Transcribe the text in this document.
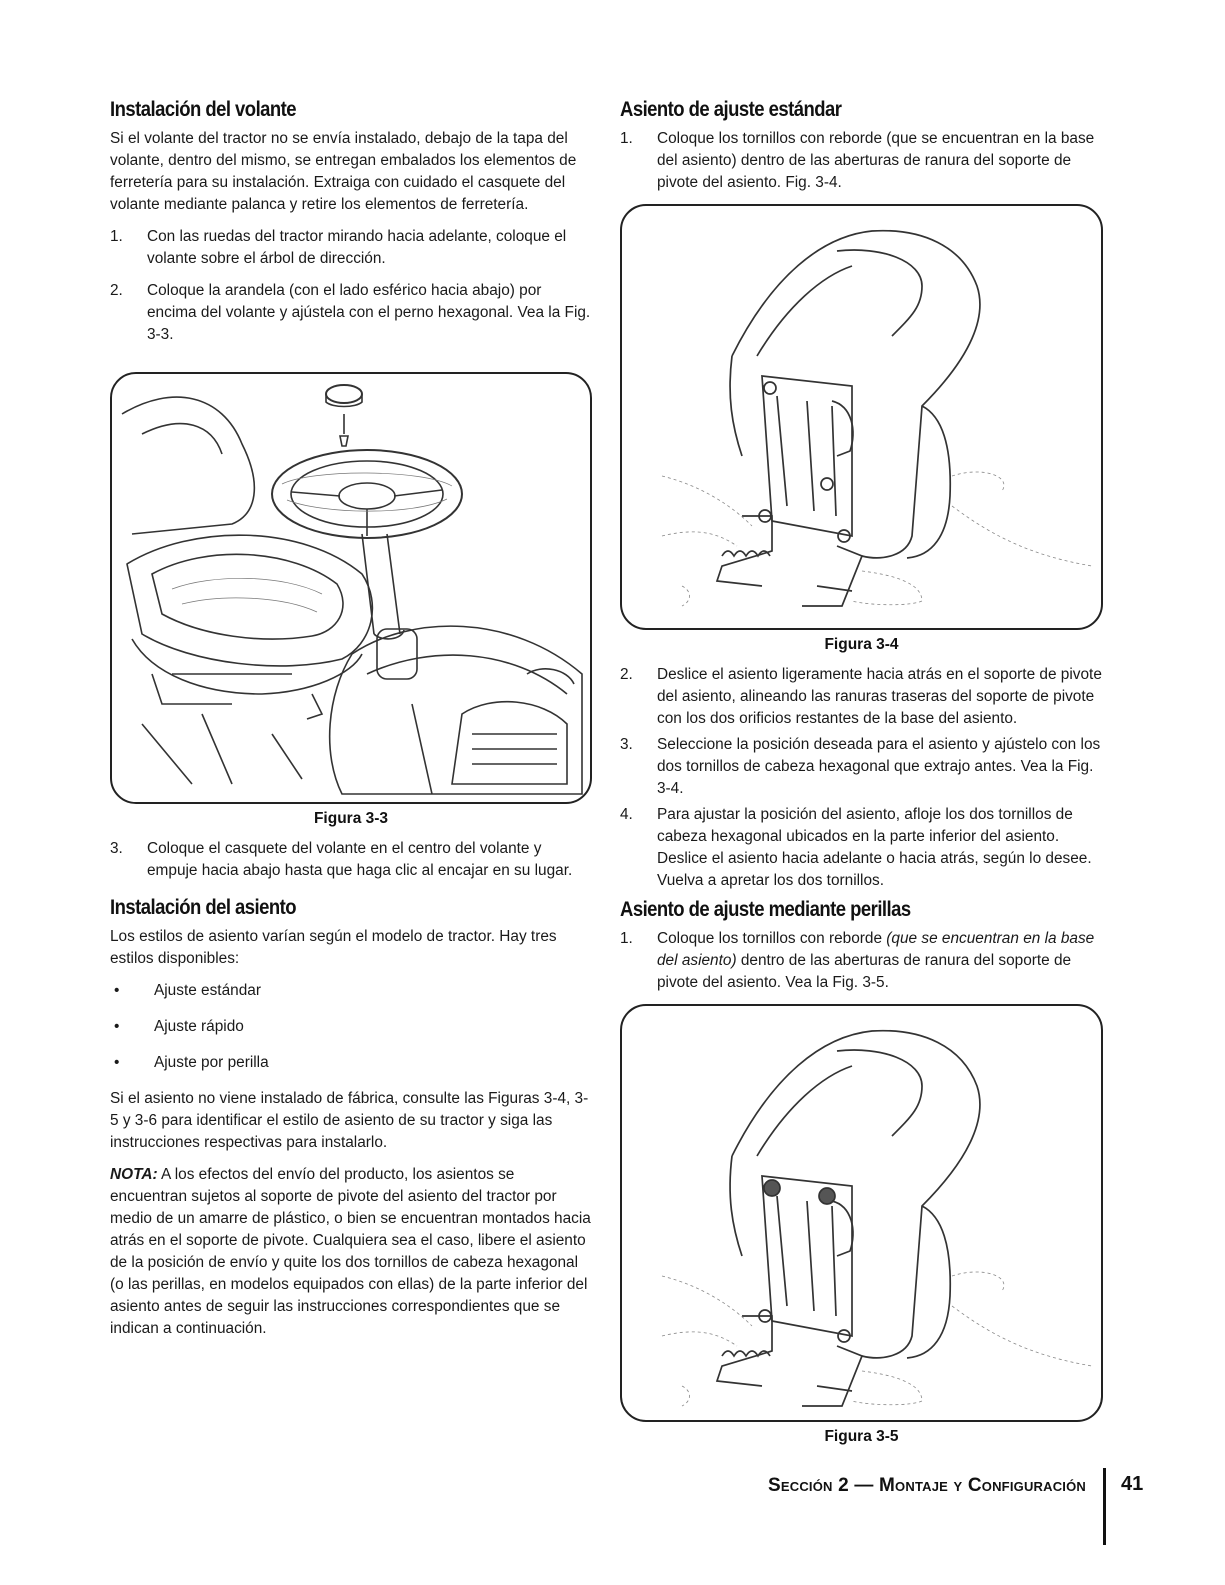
Instalación del volante

Si el volante del tractor no se envía instalado, debajo de la tapa del volante, dentro del mismo, se entregan embalados los elementos de ferretería para su instalación. Extraiga con cuidado el casquete del volante mediante palanca y retire los elementos de ferretería.

1. Con las ruedas del tractor mirando hacia adelante, coloque el volante sobre el árbol de dirección.
2. Coloque la arandela (con el lado esférico hacia abajo) por encima del volante y ajústela con el perno hexagonal. Vea la Fig. 3-3.
Figura 3-3
3. Coloque el casquete del volante en el centro del volante y empuje hacia abajo hasta que haga clic al encajar en su lugar.
Instalación del asiento

Los estilos de asiento varían según el modelo de tractor. Hay tres estilos disponibles:

• Ajuste estándar
• Ajuste rápido
• Ajuste por perilla

Si el asiento no viene instalado de fábrica, consulte las Figuras 3-4, 3-5 y 3-6 para identificar el estilo de asiento de su tractor y siga las instrucciones respectivas para instalarlo.

NOTA: A los efectos del envío del producto, los asientos se encuentran sujetos al soporte de pivote del asiento del tractor por medio de un amarre de plástico, o bien se encuentran montados hacia atrás en el soporte de pivote. Cualquiera sea el caso, libere el asiento de la posición de envío y quite los dos tornillos de cabeza hexagonal (o las perillas, en modelos equipados con ellas) de la parte inferior del asiento antes de seguir las instrucciones correspondientes que se indican a continuación.

Asiento de ajuste estándar
1. Coloque los tornillos con reborde (que se encuentran en la base del asiento) dentro de las aberturas de ranura del soporte de pivote del asiento. Fig. 3-4.
Figura 3-4
2. Deslice el asiento ligeramente hacia atrás en el soporte de pivote del asiento, alineando las ranuras traseras del soporte de pivote con los dos orificios restantes de la base del asiento.
3. Seleccione la posición deseada para el asiento y ajústelo con los dos tornillos de cabeza hexagonal que extrajo antes. Vea la Fig. 3-4.
4. Para ajustar la posición del asiento, afloje los dos tornillos de cabeza hexagonal ubicados en la parte inferior del asiento. Deslice el asiento hacia adelante o hacia atrás, según lo desee. Vuelva a apretar los dos tornillos.
Asiento de ajuste mediante perillas
1. Coloque los tornillos con reborde (que se encuentran en la base del asiento) dentro de las aberturas de ranura del soporte de pivote del asiento. Vea la Fig. 3-5.
Figura 3-5
Sección 2 — Montaje y Configuración 41
